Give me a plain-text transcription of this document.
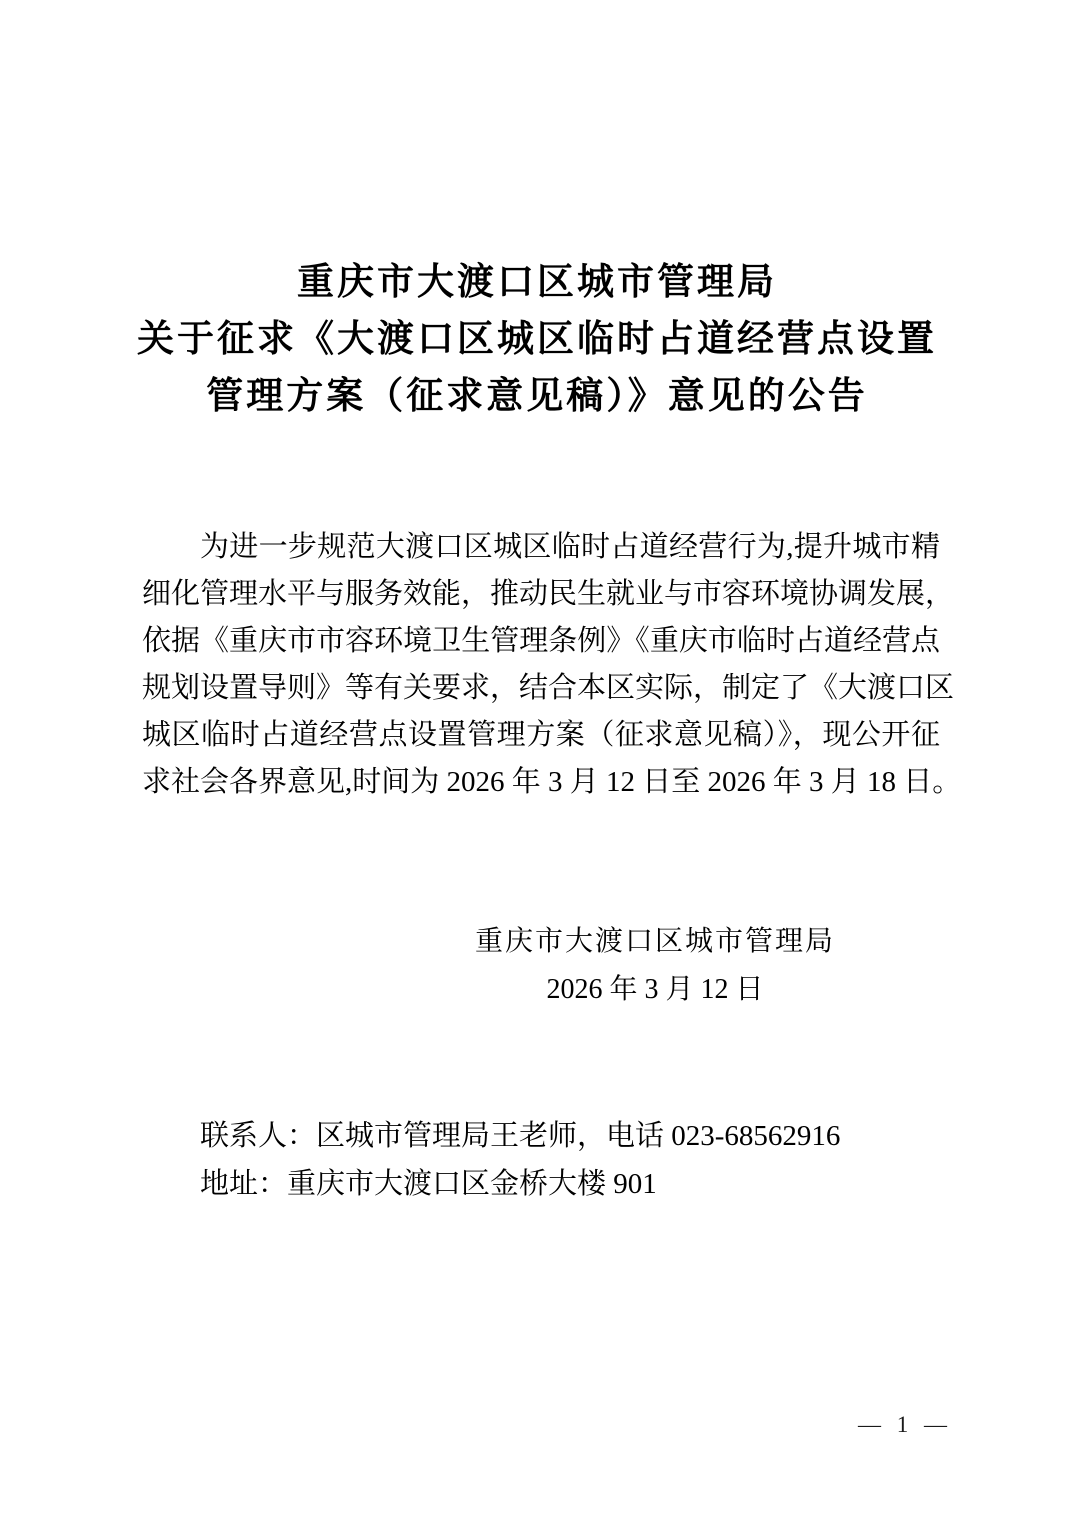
重庆市大渡口区城市管理局
关于征求《大渡口区城区临时占道经营点设置
管理方案（征求意见稿）》意见的公告
为进一步规范大渡口区城区临时占道经营行为,提升城市精
细化管理水平与服务效能，推动民生就业与市容环境协调发展，
依据《重庆市市容环境卫生管理条例》《重庆市临时占道经营点
规划设置导则》等有关要求，结合本区实际，制定了《大渡口区
城区临时占道经营点设置管理方案（征求意见稿）》，现公开征
求社会各界意见,时间为 2026 年 3 月 12 日至 2026 年 3 月 18 日。
重庆市大渡口区城市管理局
2026 年 3 月 12 日
联系人：区城市管理局王老师，电话 023-68562916
地址：重庆市大渡口区金桥大楼 901
— 1 —
